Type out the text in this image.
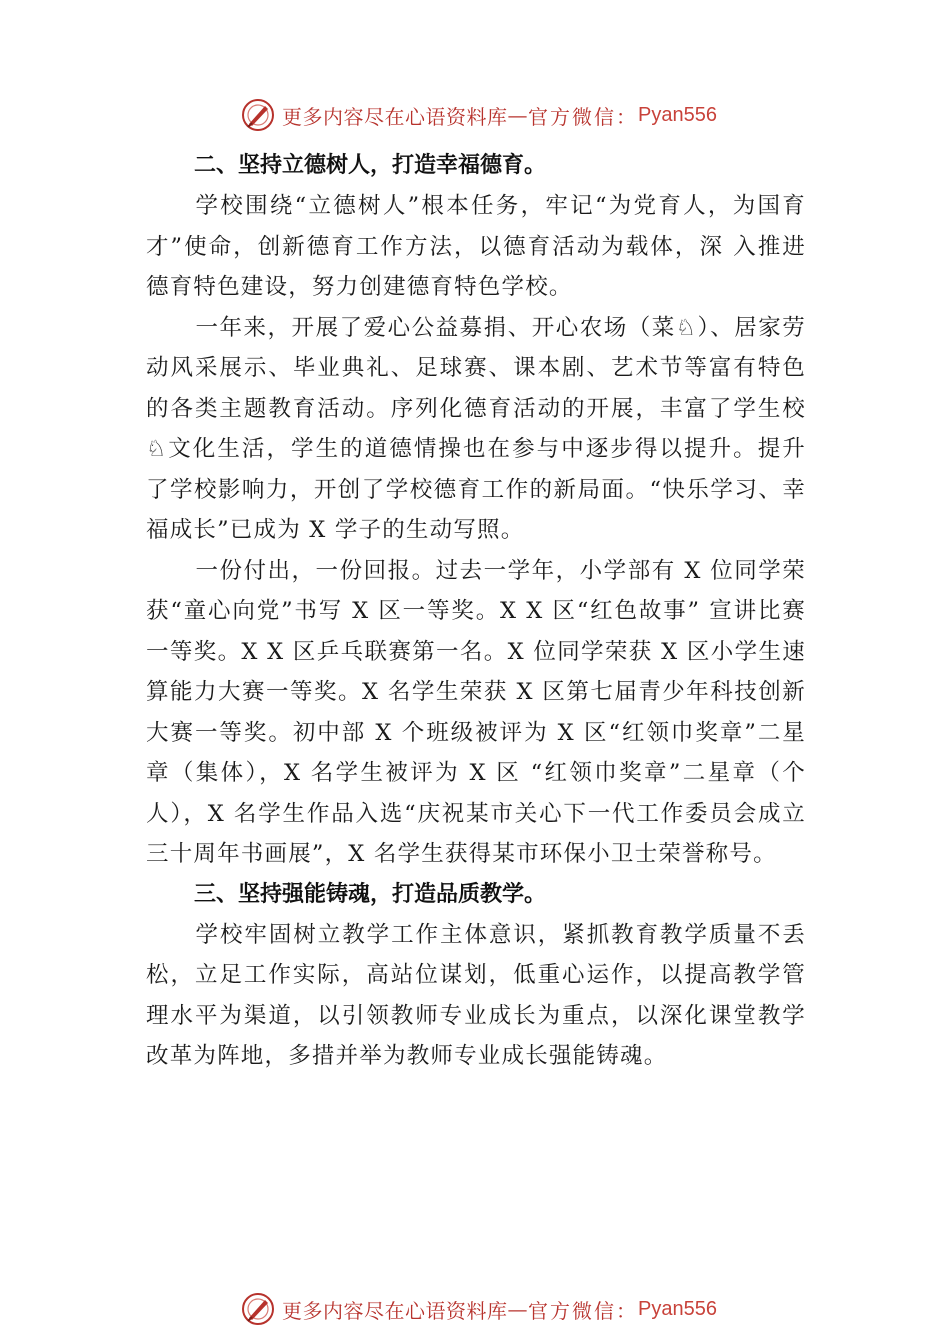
更多内容尽在心语资料库 — 官方微信： Pyan556
二、坚持立德树人，打造幸福德育。

学校围绕“立德树人”根本任务，牢记“为党育人，为国育才”使命，创新德育工作方法，以德育活动为载体，深 入推进德育特色建设，努力创建德育特色学校。

一年来，开展了爱心公益募捐、开心农场（菜♘）、居家劳动风采展示、毕业典礼、足球赛、课本剧、艺术节等富有特色的各类主题教育活动。序列化德育活动的开展，丰富了学生校♘文化生活，学生的道德情操也在参与中逐步得以提升。提升了学校影响力，开创了学校德育工作的新局面。“快乐学习、幸福成长”已成为 X 学子的生动写照。

一份付出，一份回报。过去一学年，小学部有 X 位同学荣获“童心向党”书写 X 区一等奖。X X 区“红色故事” 宣讲比赛一等奖。X X 区乒乓联赛第一名。X 位同学荣获 X 区小学生速算能力大赛一等奖。X 名学生荣获 X 区第七届青少年科技创新大赛一等奖。初中部 X 个班级被评为 X 区“红领巾奖章”二星章（集体），X 名学生被评为 X 区 “红领巾奖章”二星章（个人），X 名学生作品入选“庆祝某市关心下一代工作委员会成立三十周年书画展”，X 名学生获得某市环保小卫士荣誉称号。

三、坚持强能铸魂，打造品质教学。

学校牢固树立教学工作主体意识，紧抓教育教学质量不丢松，立足工作实际，高站位谋划，低重心运作，以提高教学管理水平为渠道，以引领教师专业成长为重点，以深化课堂教学改革为阵地，多措并举为教师专业成长强能铸魂。

更多内容尽在心语资料库 — 官方微信： Pyan556
